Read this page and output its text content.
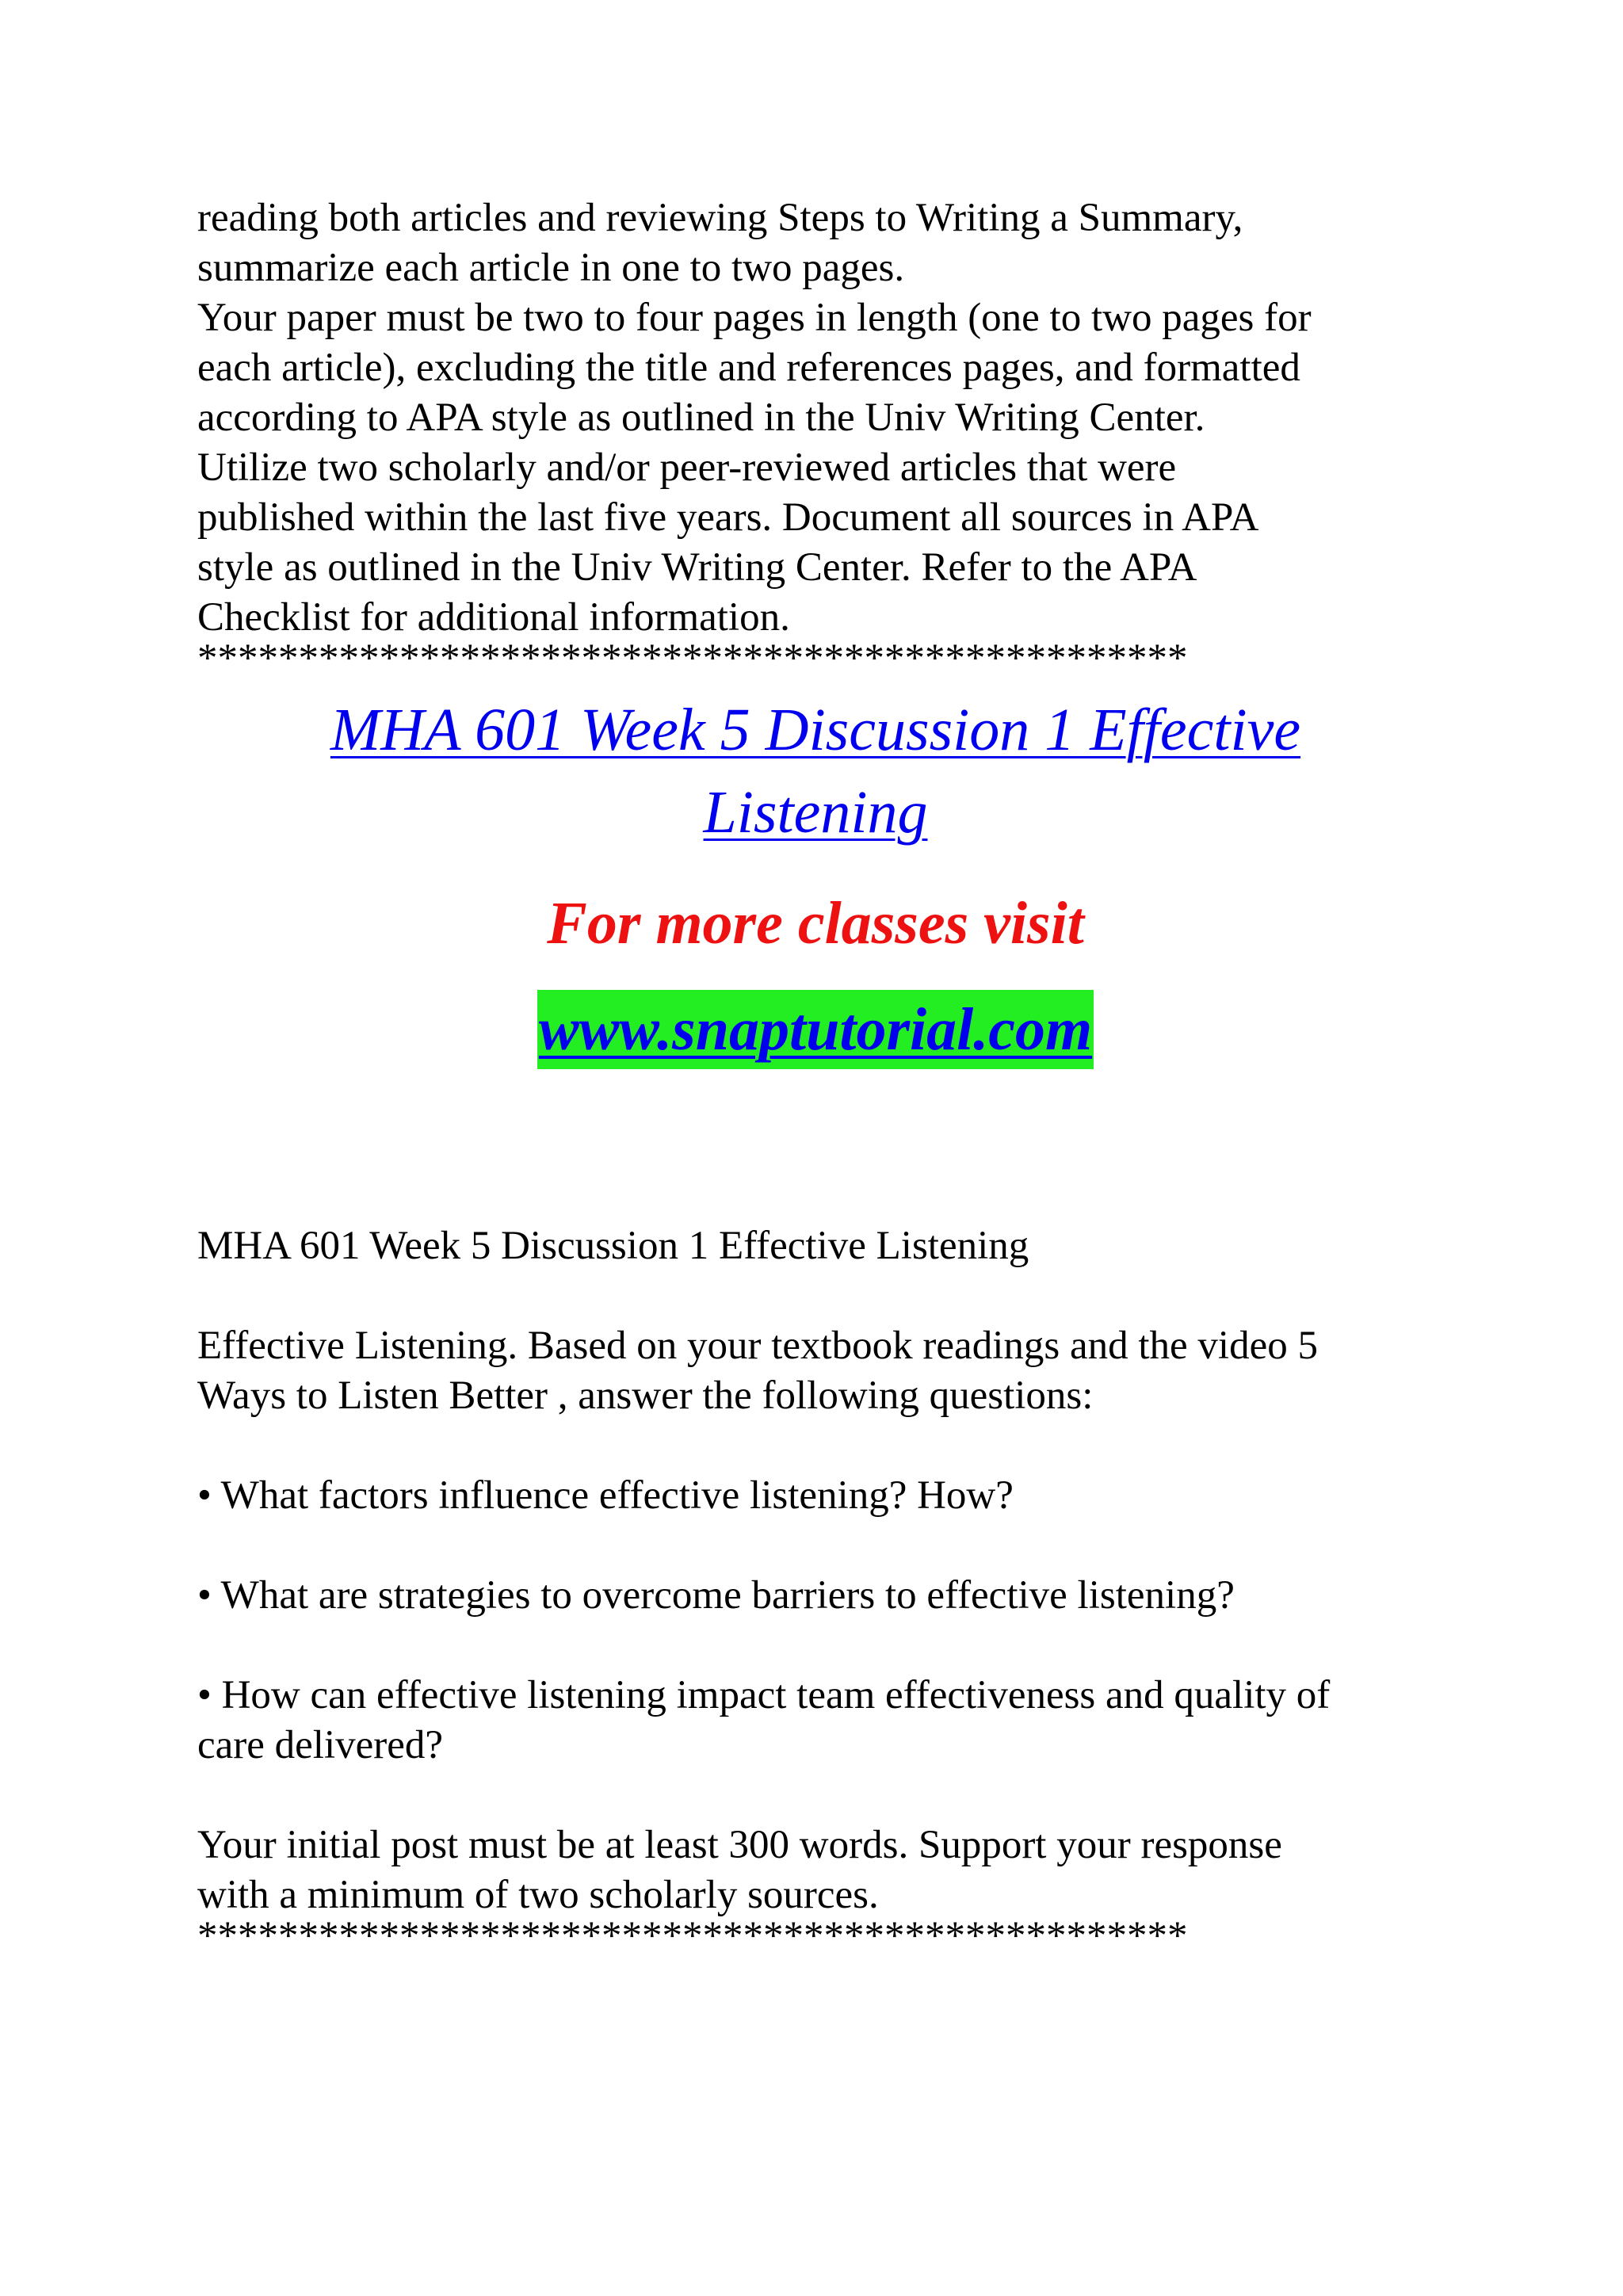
reading both articles and reviewing Steps to Writing a Summary,

summarize each article in one to two pages.

Your paper must be two to four pages in length (one to two pages for

each article), excluding the title and references pages, and formatted

according to APA style as outlined in the Univ Writing Center.

Utilize two scholarly and/or peer-reviewed articles that were

published within the last five years. Document all sources in APA

style as outlined in the Univ Writing Center. Refer to the APA

Checklist for additional information.

*************************************************

MHA 601 Week 5 Discussion 1 Effective
Listening

For more classes visit

www.snaptutorial.com

MHA 601 Week 5 Discussion 1 Effective Listening

Effective Listening. Based on your textbook readings and the video 5

Ways to Listen Better , answer the following questions:

• What factors influence effective listening? How?

• What are strategies to overcome barriers to effective listening?

• How can effective listening impact team effectiveness and quality of

care delivered?

Your initial post must be at least 300 words. Support your response

with a minimum of two scholarly sources.

*************************************************
